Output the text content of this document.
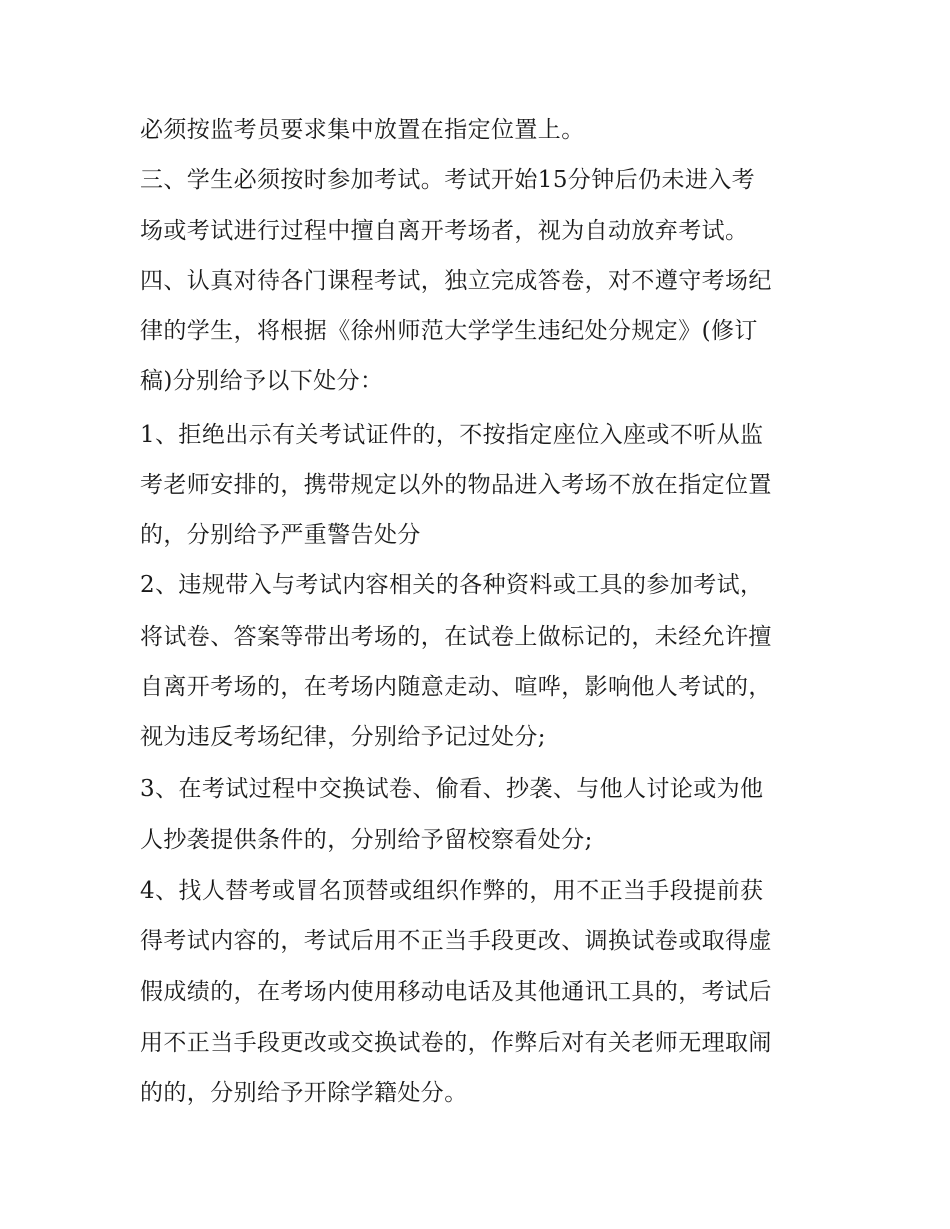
必须按监考员要求集中放置在指定位置上。
三、学生必须按时参加考试。考试开始15分钟后仍未进入考
场或考试进行过程中擅自离开考场者，视为自动放弃考试。
四、认真对待各门课程考试，独立完成答卷，对不遵守考场纪
律的学生，将根据《徐州师范大学学生违纪处分规定》(修订
稿)分别给予以下处分：
1、拒绝出示有关考试证件的，不按指定座位入座或不听从监
考老师安排的，携带规定以外的物品进入考场不放在指定位置
的，分别给予严重警告处分
2、违规带入与考试内容相关的各种资料或工具的参加考试，
将试卷、答案等带出考场的，在试卷上做标记的，未经允许擅
自离开考场的，在考场内随意走动、喧哗，影响他人考试的，
视为违反考场纪律，分别给予记过处分;
3、在考试过程中交换试卷、偷看、抄袭、与他人讨论或为他
人抄袭提供条件的，分别给予留校察看处分;
4、找人替考或冒名顶替或组织作弊的，用不正当手段提前获
得考试内容的，考试后用不正当手段更改、调换试卷或取得虚
假成绩的，在考场内使用移动电话及其他通讯工具的，考试后
用不正当手段更改或交换试卷的，作弊后对有关老师无理取闹
的的，分别给予开除学籍处分。
